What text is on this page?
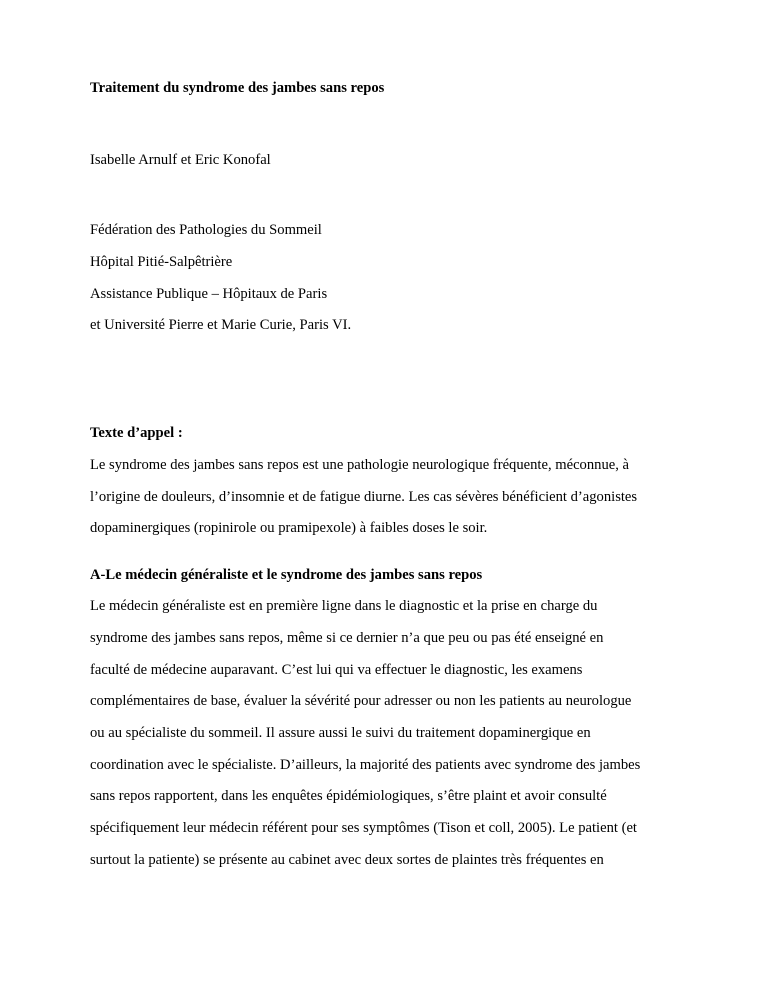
Traitement du syndrome des jambes sans repos

Isabelle Arnulf et Eric Konofal

Fédération des Pathologies du Sommeil

Hôpital Pitié-Salpêtrière

Assistance Publique – Hôpitaux de Paris

et Université Pierre et Marie Curie, Paris VI.

Texte d’appel :

Le syndrome des jambes sans repos est une pathologie neurologique fréquente, méconnue, à

l’origine de douleurs, d’insomnie et de fatigue diurne. Les cas sévères bénéficient d’agonistes

dopaminergiques (ropinirole ou pramipexole) à faibles doses le soir.

A-Le médecin généraliste et le syndrome des jambes sans repos

Le médecin généraliste est en première ligne dans le diagnostic et la prise en charge du

syndrome des jambes sans repos, même si ce dernier n’a que peu ou pas été enseigné en

faculté de médecine auparavant. C’est lui qui va effectuer le diagnostic, les examens

complémentaires de base, évaluer la sévérité pour adresser ou non les patients au neurologue

ou au spécialiste du sommeil. Il assure aussi le suivi du traitement dopaminergique en

coordination avec le spécialiste. D’ailleurs, la majorité des patients avec syndrome des jambes

sans repos rapportent, dans les enquêtes épidémiologiques, s’être plaint et avoir consulté

spécifiquement leur médecin référent pour ses symptômes (Tison et coll, 2005). Le patient (et

surtout la patiente) se présente au cabinet avec deux sortes de plaintes très fréquentes en
